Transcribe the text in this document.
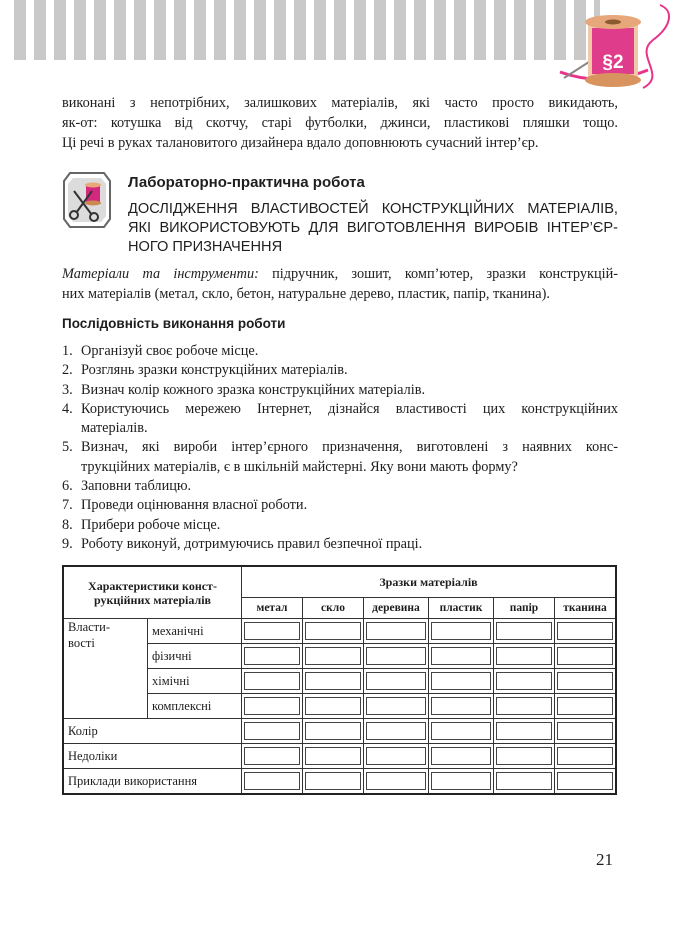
§2
виконані з непотрібних, залишкових матеріалів, які часто просто викидають,
як-от: котушка від скотчу, старі футболки, джинси, пластикові пляшки тощо.
Ці речі в руках талановитого дизайнера вдало доповнюють сучасний інтер’єр.
Лабораторно-практична робота
ДОСЛІДЖЕННЯ ВЛАСТИВОСТЕЙ КОНСТРУКЦІЙНИХ МАТЕРІАЛІВ,
ЯКІ ВИКОРИСТОВУЮТЬ ДЛЯ ВИГОТОВЛЕННЯ ВИРОБІВ ІНТЕР’ЄР-
НОГО ПРИЗНАЧЕННЯ
Матеріали та інструменти: підручник, зошит, комп’ютер, зразки конструкцій-
них матеріалів (метал, скло, бетон, натуральне дерево, пластик, папір, тканина).
Послідовність виконання роботи
1. Організуй своє робоче місце.
2. Розглянь зразки конструкційних матеріалів.
3. Визнач колір кожного зразка конструкційних матеріалів.
4. Користуючись мережею Інтернет, дізнайся властивості цих конструкційних
матеріалів.
5. Визнач, які вироби інтер’єрного призначення, виготовлені з наявних конс-
трукційних матеріалів, є в шкільній майстерні. Яку вони мають форму?
6. Заповни таблицю.
7. Проведи оцінювання власної роботи.
8. Прибери робоче місце.
9. Роботу виконуй, дотримуючись правил безпечної праці.
Характеристики конст-
рукційних матеріалів		Зразки матеріалів					
		метал	скло	деревина	пластик	папір	тканина
Власти-
вості	механічні	

	фізичні	

	хімічні	

	комплексні	

Колір		

Недоліки		

Приклади використання		

21
